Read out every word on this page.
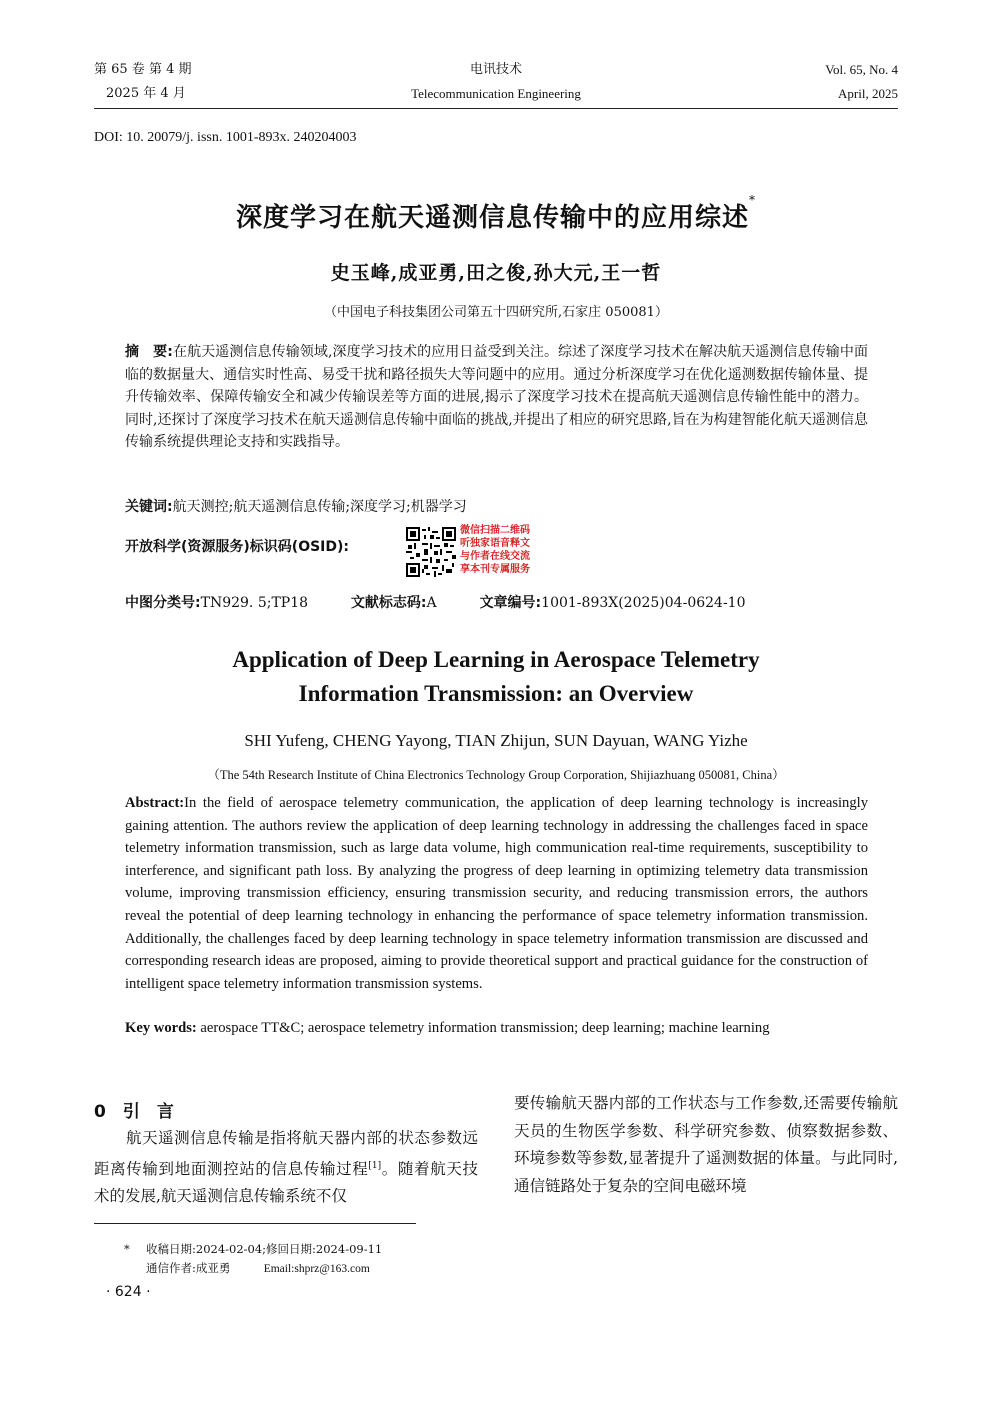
第 65 卷 第 4 期
2025 年 4 月
电讯技术
Telecommunication Engineering
Vol. 65, No. 4
April, 2025
DOI: 10. 20079/j. issn. 1001-893x. 240204003
深度学习在航天遥测信息传输中的应用综述*
史玉峰,成亚勇,田之俊,孙大元,王一哲
（中国电子科技集团公司第五十四研究所,石家庄 050081）
摘　要:在航天遥测信息传输领域,深度学习技术的应用日益受到关注。综述了深度学习技术在解决航天遥测信息传输中面临的数据量大、通信实时性高、易受干扰和路径损失大等问题中的应用。通过分析深度学习在优化遥测数据传输体量、提升传输效率、保障传输安全和减少传输误差等方面的进展,揭示了深度学习技术在提高航天遥测信息传输性能中的潜力。同时,还探讨了深度学习技术在航天遥测信息传输中面临的挑战,并提出了相应的研究思路,旨在为构建智能化航天遥测信息传输系统提供理论支持和实践指导。
关键词:航天测控;航天遥测信息传输;深度学习;机器学习
开放科学(资源服务)标识码(OSID):
微信扫描二维码
听独家语音释文
与作者在线交流
享本刊专属服务
中图分类号:TN929. 5;TP18	文献标志码:A	文章编号:1001-893X(2025)04-0624-10
Application of Deep Learning in Aerospace Telemetry
Information Transmission: an Overview
SHI Yufeng, CHENG Yayong, TIAN Zhijun, SUN Dayuan, WANG Yizhe
（The 54th Research Institute of China Electronics Technology Group Corporation, Shijiazhuang 050081, China）
Abstract:In the field of aerospace telemetry communication, the application of deep learning technology is increasingly gaining attention. The authors review the application of deep learning technology in addressing the challenges faced in space telemetry information transmission, such as large data volume, high communication real-time requirements, susceptibility to interference, and significant path loss. By analyzing the progress of deep learning in optimizing telemetry data transmission volume, improving transmission efficiency, ensuring transmission security, and reducing transmission errors, the authors reveal the potential of deep learning technology in enhancing the performance of space telemetry information transmission. Additionally, the challenges faced by deep learning technology in space telemetry information transmission are discussed and corresponding research ideas are proposed, aiming to provide theoretical support and practical guidance for the construction of intelligent space telemetry information transmission systems.
Key words: aerospace TT&C; aerospace telemetry information transmission; deep learning; machine learning
0　引　言
　　航天遥测信息传输是指将航天器内部的状态参数远距离传输到地面测控站的信息传输过程[1]。随着航天技术的发展,航天遥测信息传输系统不仅
要传输航天器内部的工作状态与工作参数,还需要传输航天员的生物医学参数、科学研究参数、侦察数据参数、环境参数等参数,显著提升了遥测数据的体量。与此同时,通信链路处于复杂的空间电磁环境
* 收稿日期:2024-02-04;修回日期:2024-09-11
通信作者:成亚勇	Email:shprz@163.com
· 624 ·
